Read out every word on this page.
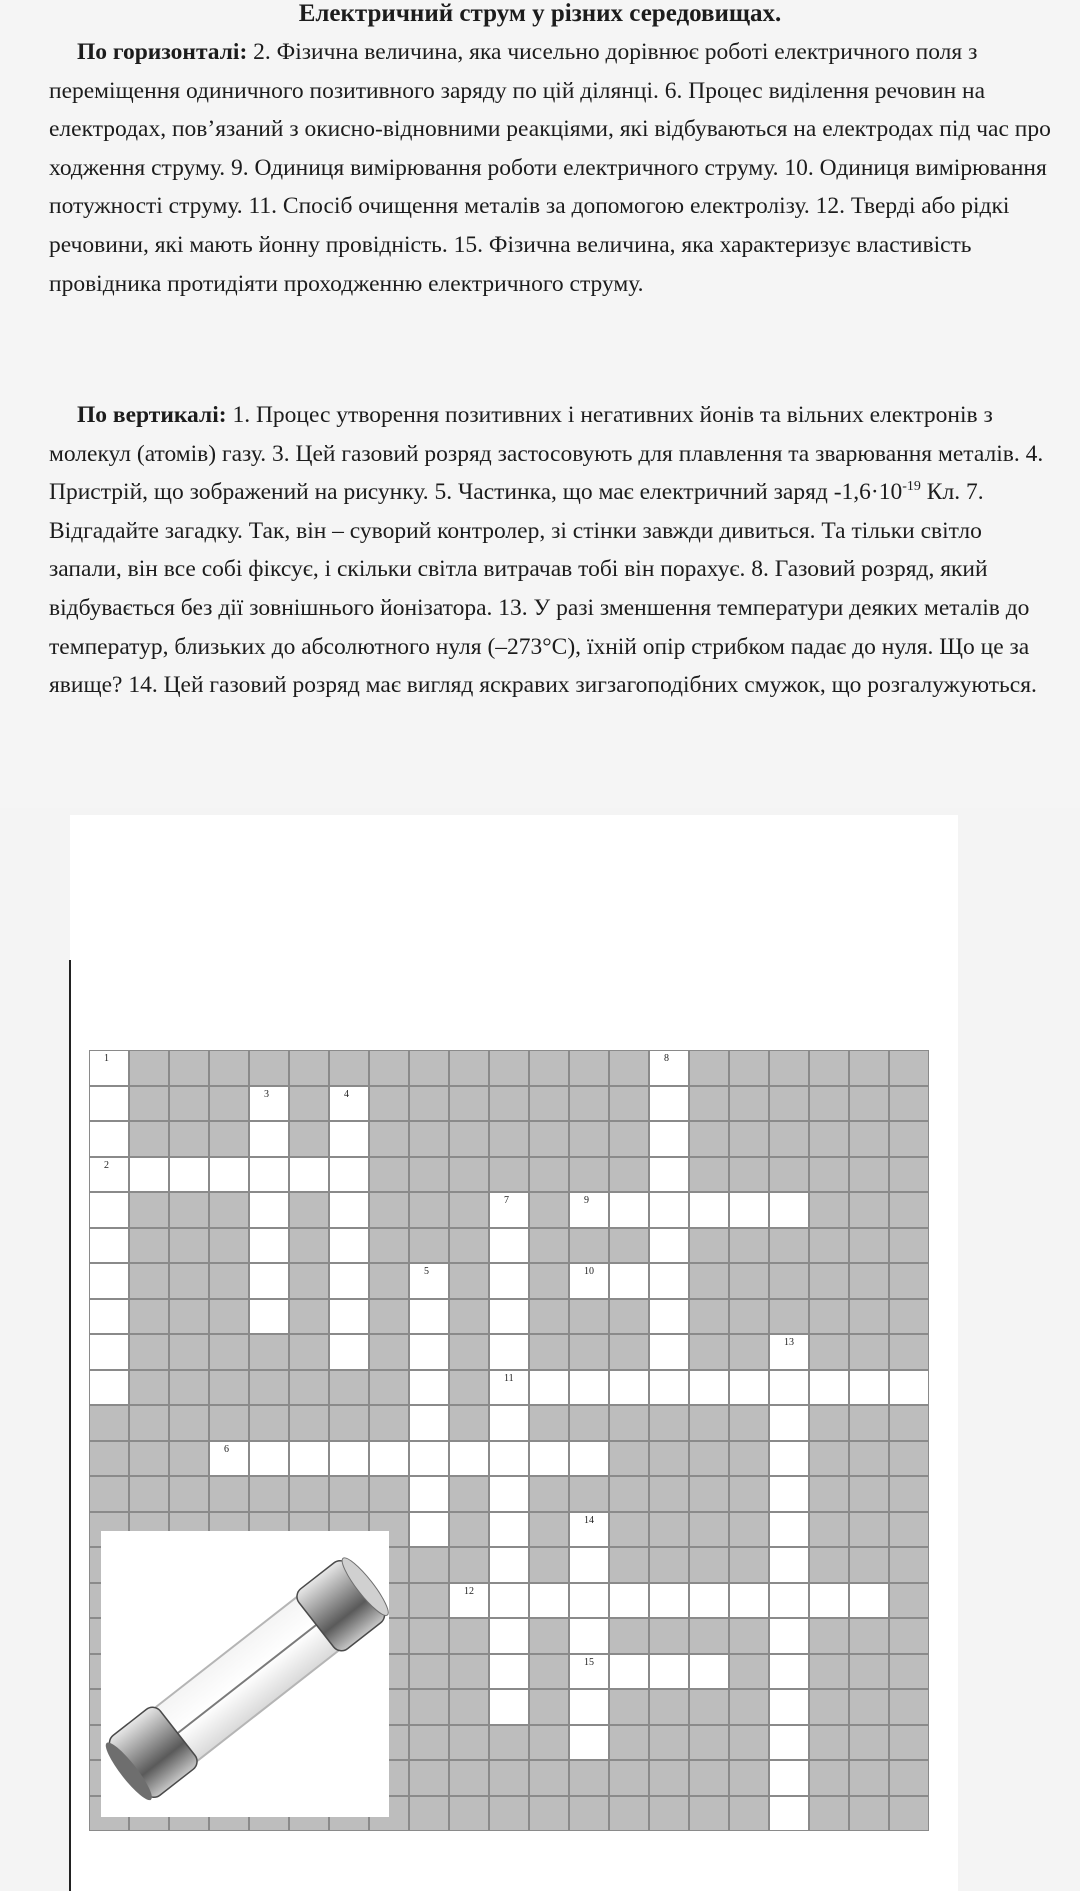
Електричний струм у різних середовищах.
По горизонталі: 2. Фізична величина, яка чисельно дорівнює роботі електричного поля з переміщення одиничного позитивного заряду по цій ділянці. 6. Процес виділення речовин на електродах, пов’язаний з окисно-відновними реакціями, які відбуваються на електродах під час про ходження струму. 9. Одиниця вимірювання роботи електричного струму. 10. Одиниця вимірювання потужності струму. 11. Спосіб очищення металів за допомогою електролізу. 12. Тверді або рідкі речовини, які мають йонну провідність. 15. Фізична величина, яка характеризує властивість провідника протидіяти проходженню електричного струму.
По вертикалі: 1. Процес утворення позитивних і негативних йонів та вільних електронів з молекул (атомів) газу. 3. Цей газовий розряд застосовують для плавлення та зварювання металів. 4. Пристрій, що зображений на рисунку. 5. Частинка, що має електричний заряд $-1,6\cdot 10^{-19}$ Кл. 7. Відгадайте загадку. Так, він – суворий контролер, зі стінки завжди дивиться. Та тільки світло запали, він все собі фіксує, і скільки світла витрачав тобі він порахує. 8. Газовий розряд, який відбувається без дії зовнішнього йонізатора. 13. У разі зменшення температури деяких металів до температур, близьких до абсолютного нуля (–273°C), їхній опір стрибком падає до нуля. Що це за явище? 14. Цей газовий розряд має вигляд яскравих зигзагоподібних смужок, що розгалужуються.
1	8
3	4
2
7	9
5	10
13
11
6
14
12
15
